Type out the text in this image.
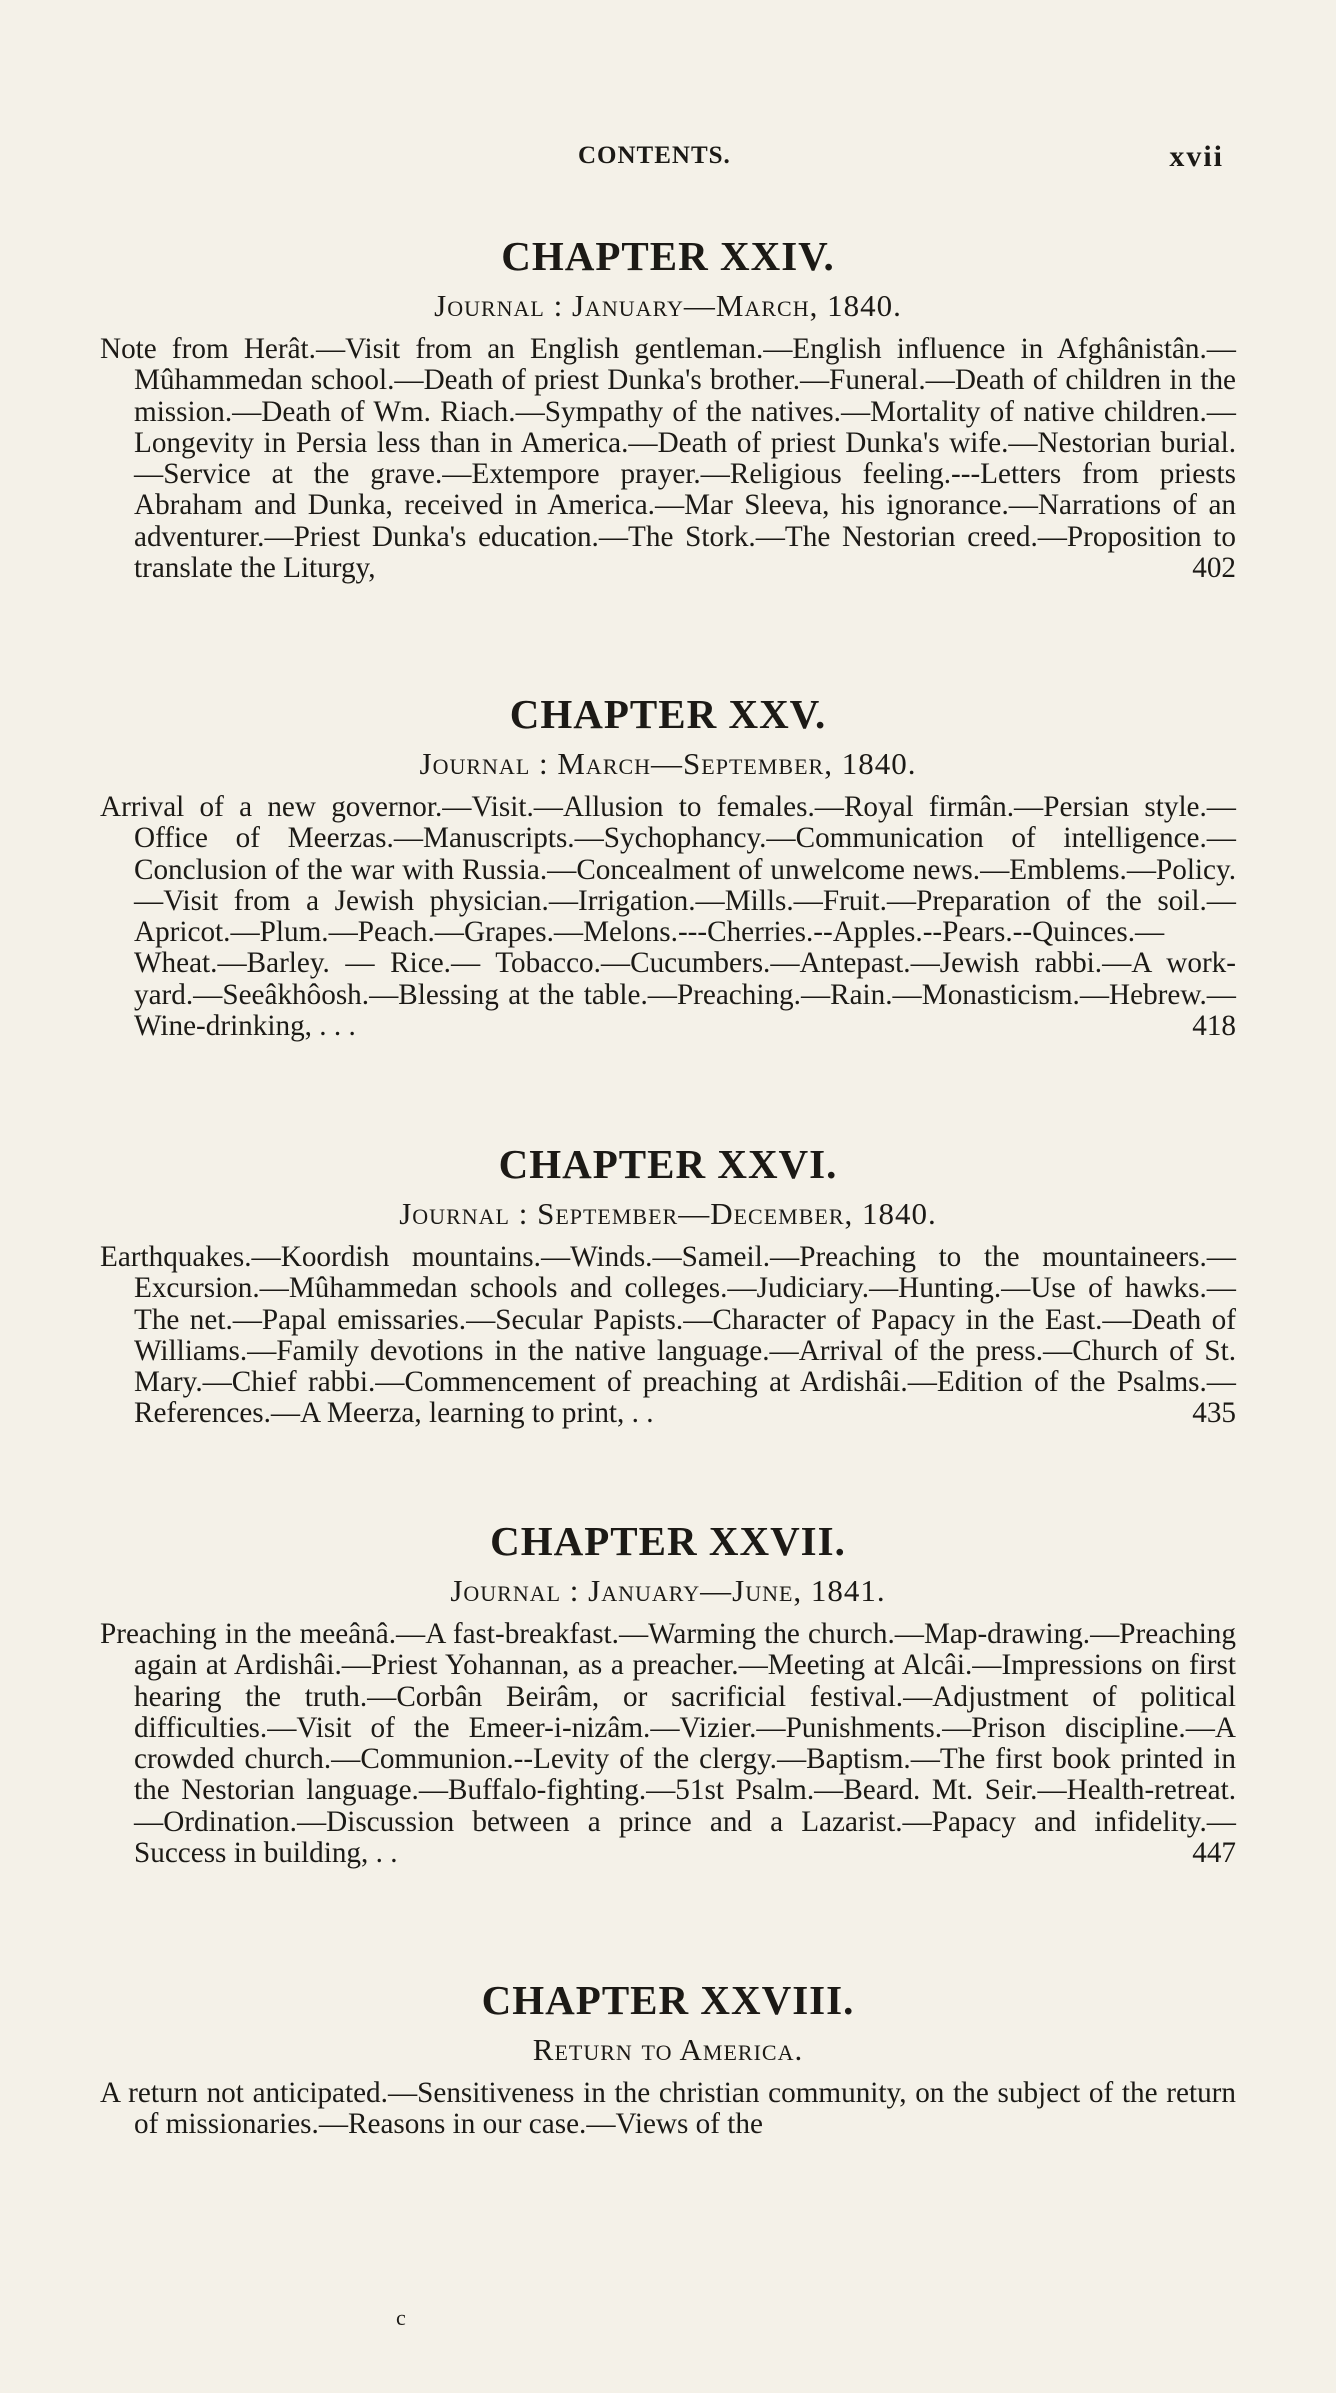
CONTENTS.	xvii
CHAPTER XXIV.
Journal : January—March, 1840.

Note from Herât.—Visit from an English gentleman.—English influence in Afghânistân.—Mûhammedan school.—Death of priest Dunka's brother.—Funeral.—Death of children in the mission.—Death of Wm. Riach.—Sympathy of the natives.—Mortality of native children.—Longevity in Persia less than in America.—Death of priest Dunka's wife.—Nestorian burial.—Service at the grave.—Extempore prayer.—Religious feeling.---Letters from priests Abraham and Dunka, received in America.—Mar Sleeva, his ignorance.—Narrations of an adventurer.—Priest Dunka's education.—The Stork.—The Nestorian creed.—Proposition to translate the Liturgy,	402

CHAPTER XXV.
Journal : March—September, 1840.

Arrival of a new governor.—Visit.—Allusion to females.—Royal firmân.—Persian style.—Office of Meerzas.—Manuscripts.—Sychophancy.—Communication of intelligence.—Conclusion of the war with Russia.—Concealment of unwelcome news.—Emblems.—Policy.—Visit from a Jewish physician.—Irrigation.—Mills.—Fruit.—Preparation of the soil.—Apricot.—Plum.—Peach.—Grapes.—Melons.---Cherries.--Apples.--Pears.--Quinces.—Wheat.—Barley. — Rice.— Tobacco.—Cucumbers.—Antepast.—Jewish rabbi.—A work-yard.—Seeâkhôosh.—Blessing at the table.—Preaching.—Rain.—Monasticism.—Hebrew.—Wine-drinking, . . .	418

CHAPTER XXVI.
Journal : September—December, 1840.

Earthquakes.—Koordish mountains.—Winds.—Sameil.—Preaching to the mountaineers.—Excursion.—Mûhammedan schools and colleges.—Judiciary.—Hunting.—Use of hawks.—The net.—Papal emissaries.—Secular Papists.—Character of Papacy in the East.—Death of Williams.—Family devotions in the native language.—Arrival of the press.—Church of St. Mary.—Chief rabbi.—Commencement of preaching at Ardishâi.—Edition of the Psalms.—References.—A Meerza, learning to print, . .	435

CHAPTER XXVII.
Journal : January—June, 1841.

Preaching in the meeânâ.—A fast-breakfast.—Warming the church.—Map-drawing.—Preaching again at Ardishâi.—Priest Yohannan, as a preacher.—Meeting at Alcâi.—Impressions on first hearing the truth.—Corbân Beirâm, or sacrificial festival.—Adjustment of political difficulties.—Visit of the Emeer-i-nizâm.—Vizier.—Punishments.—Prison discipline.—A crowded church.—Communion.--Levity of the clergy.—Baptism.—The first book printed in the Nestorian language.—Buffalo-fighting.—51st Psalm.—Beard. Mt. Seir.—Health-retreat.—Ordination.—Discussion between a prince and a Lazarist.—Papacy and infidelity.—Success in building, . .	447

CHAPTER XXVIII.
Return to America.

A return not anticipated.—Sensitiveness in the christian community, on the subject of the return of missionaries.—Reasons in our case.—Views of the

c
